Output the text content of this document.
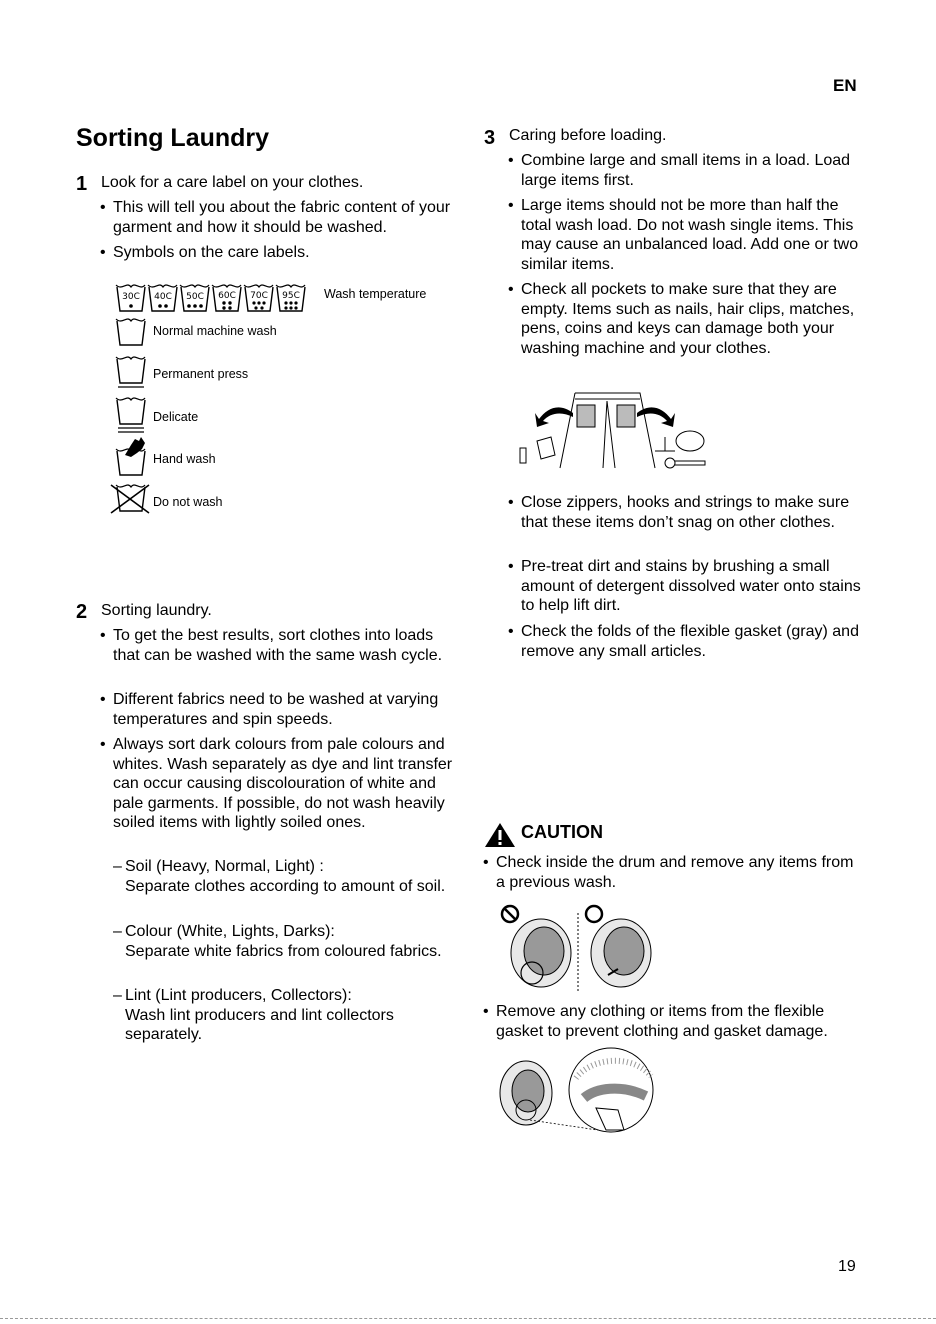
EN
Sorting Laundry
1 Look for a care label on your clothes.
• This will tell you about the fabric content of your garment and how it should be washed.
• Symbols on the care labels.
30C 40C 50C 60C 70C 95C Wash temperature
Normal machine wash
Permanent press
Delicate
Hand wash
Do not wash
2 Sorting laundry.
• To get the best results, sort clothes into loads that can be washed with the same wash cycle.
• Different fabrics need to be washed at varying temperatures and spin speeds.
• Always sort dark colours from pale colours and whites. Wash separately as dye and lint transfer can occur causing discolouration of white and pale garments. If possible, do not wash heavily soiled items with lightly soiled ones.
– Soil (Heavy, Normal, Light) :
Separate clothes according to amount of soil.
– Colour (White, Lights, Darks):
Separate white fabrics from coloured fabrics.
– Lint (Lint producers, Collectors):
Wash lint producers and lint collectors separately.
3 Caring before loading.
• Combine large and small items in a load. Load large items first.
• Large items should not be more than half the total wash load. Do not wash single items. This may cause an unbalanced load. Add one or two similar items.
• Check all pockets to make sure that they are empty. Items such as nails, hair clips, matches, pens, coins and keys can damage both your washing machine and your clothes.
• Close zippers, hooks and strings to make sure that these items don’t snag on other clothes.
• Pre-treat dirt and stains by brushing a small amount of detergent dissolved water onto stains to help lift dirt.
• Check the folds of the flexible gasket (gray) and remove any small articles.
CAUTION
• Check inside the drum and remove any items from a previous wash.
• Remove any clothing or items from the flexible gasket to prevent clothing and gasket damage.
19
